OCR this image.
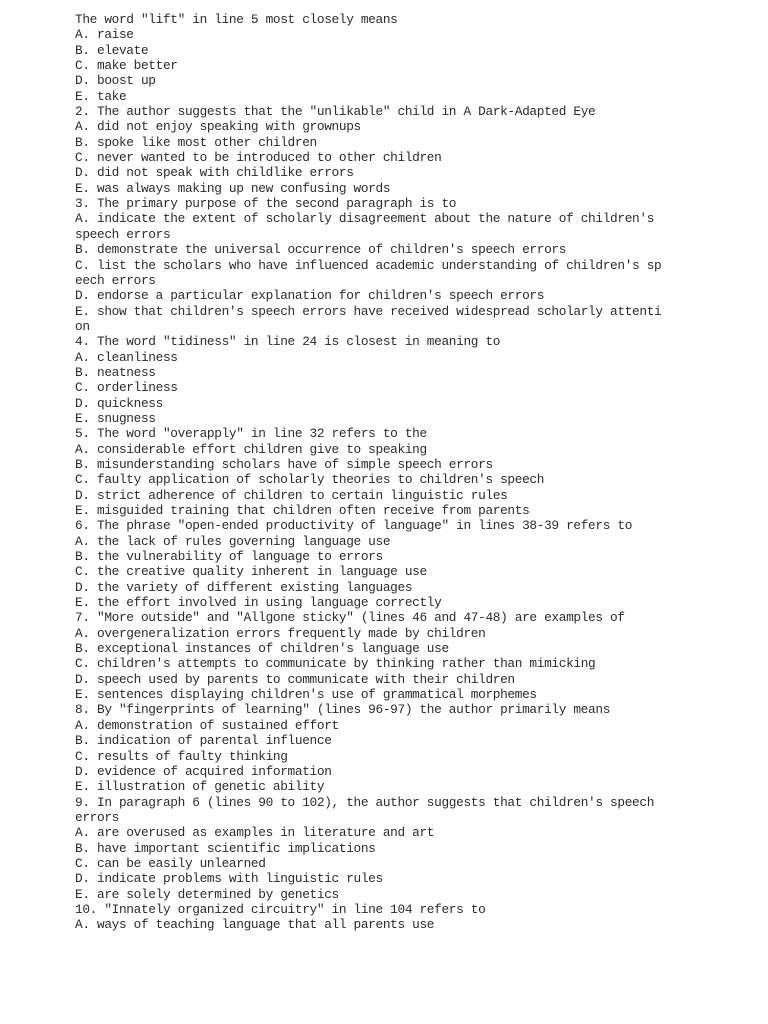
The word "lift" in line 5 most closely means
A. raise
B. elevate
C. make better
D. boost up
E. take
2. The author suggests that the "unlikable" child in A Dark-Adapted Eye
A. did not enjoy speaking with grownups
B. spoke like most other children
C. never wanted to be introduced to other children
D. did not speak with childlike errors
E. was always making up new confusing words
3. The primary purpose of the second paragraph is to
A. indicate the extent of scholarly disagreement about the nature of children's
speech errors
B. demonstrate the universal occurrence of children's speech errors
C. list the scholars who have influenced academic understanding of children's sp
eech errors
D. endorse a particular explanation for children's speech errors
E. show that children's speech errors have received widespread scholarly attenti
on
4. The word "tidiness" in line 24 is closest in meaning to
A. cleanliness
B. neatness
C. orderliness
D. quickness
E. snugness
5. The word "overapply" in line 32 refers to the
A. considerable effort children give to speaking
B. misunderstanding scholars have of simple speech errors
C. faulty application of scholarly theories to children's speech
D. strict adherence of children to certain linguistic rules
E. misguided training that children often receive from parents
6. The phrase "open-ended productivity of language" in lines 38-39 refers to
A. the lack of rules governing language use
B. the vulnerability of language to errors
C. the creative quality inherent in language use
D. the variety of different existing languages
E. the effort involved in using language correctly
7. "More outside" and "Allgone sticky" (lines 46 and 47-48) are examples of
A. overgeneralization errors frequently made by children
B. exceptional instances of children's language use
C. children's attempts to communicate by thinking rather than mimicking
D. speech used by parents to communicate with their children
E. sentences displaying children's use of grammatical morphemes
8. By "fingerprints of learning" (lines 96-97) the author primarily means
A. demonstration of sustained effort
B. indication of parental influence
C. results of faulty thinking
D. evidence of acquired information
E. illustration of genetic ability
9. In paragraph 6 (lines 90 to 102), the author suggests that children's speech
errors
A. are overused as examples in literature and art
B. have important scientific implications
C. can be easily unlearned
D. indicate problems with linguistic rules
E. are solely determined by genetics
10. "Innately organized circuitry" in line 104 refers to
A. ways of teaching language that all parents use
